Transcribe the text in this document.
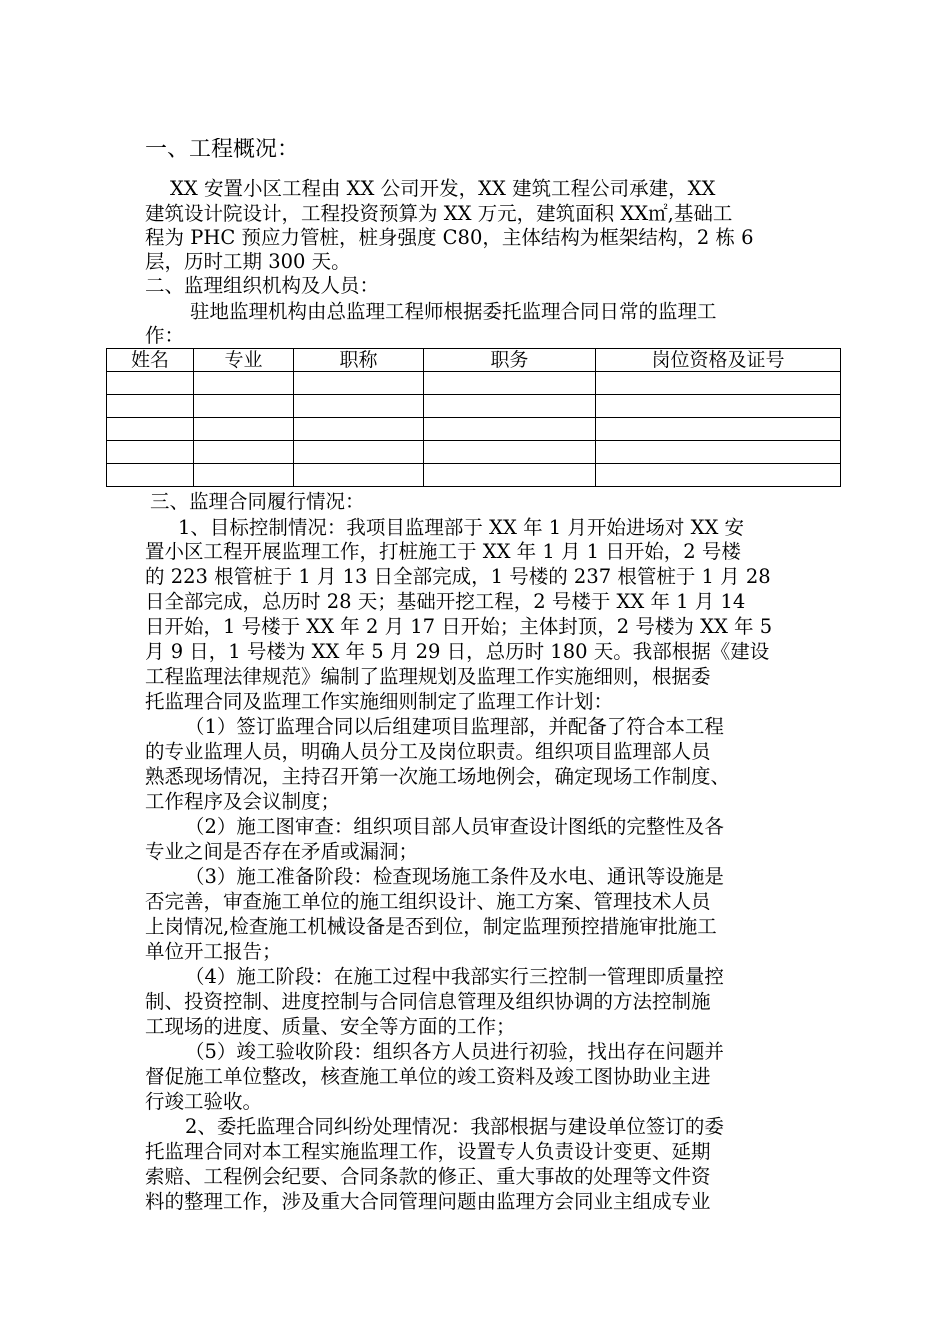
一、工程概况：
XX 安置小区工程由 XX 公司开发，XX 建筑工程公司承建，XX
建筑设计院设计，工程投资预算为 XX 万元，建筑面积 XX㎡,基础工
程为 PHC 预应力管桩，桩身强度 C80，主体结构为框架结构，2 栋 6
层，历时工期 300 天。
二、监理组织机构及人员：
驻地监理机构由总监理工程师根据委托监理合同日常的监理工
作：
姓名	专业	职称	职务	岗位资格及证号

三、监理合同履行情况：
1、目标控制情况：我项目监理部于 XX 年 1 月开始进场对 XX 安
置小区工程开展监理工作，打桩施工于 XX 年 1 月 1 日开始，2 号楼
的 223 根管桩于 1 月 13 日全部完成，1 号楼的 237 根管桩于 1 月 28
日全部完成，总历时 28 天；基础开挖工程，2 号楼于 XX 年 1 月 14
日开始，1 号楼于 XX 年 2 月 17 日开始；主体封顶，2 号楼为 XX 年 5
月 9 日，1 号楼为 XX 年 5 月 29 日，总历时 180 天。我部根据《建设
工程监理法律规范》编制了监理规划及监理工作实施细则，根据委
托监理合同及监理工作实施细则制定了监理工作计划：
（1）签订监理合同以后组建项目监理部，并配备了符合本工程
的专业监理人员，明确人员分工及岗位职责。组织项目监理部人员
熟悉现场情况，主持召开第一次施工场地例会，确定现场工作制度、
工作程序及会议制度；
（2）施工图审查：组织项目部人员审查设计图纸的完整性及各
专业之间是否存在矛盾或漏洞；
（3）施工准备阶段：检查现场施工条件及水电、通讯等设施是
否完善，审查施工单位的施工组织设计、施工方案、管理技术人员
上岗情况,检查施工机械设备是否到位，制定监理预控措施审批施工
单位开工报告；
（4）施工阶段：在施工过程中我部实行三控制一管理即质量控
制、投资控制、进度控制与合同信息管理及组织协调的方法控制施
工现场的进度、质量、安全等方面的工作；
（5）竣工验收阶段：组织各方人员进行初验，找出存在问题并
督促施工单位整改，核查施工单位的竣工资料及竣工图协助业主进
行竣工验收。
2、委托监理合同纠纷处理情况：我部根据与建设单位签订的委
托监理合同对本工程实施监理工作，设置专人负责设计变更、延期
索赔、工程例会纪要、合同条款的修正、重大事故的处理等文件资
料的整理工作，涉及重大合同管理问题由监理方会同业主组成专业
